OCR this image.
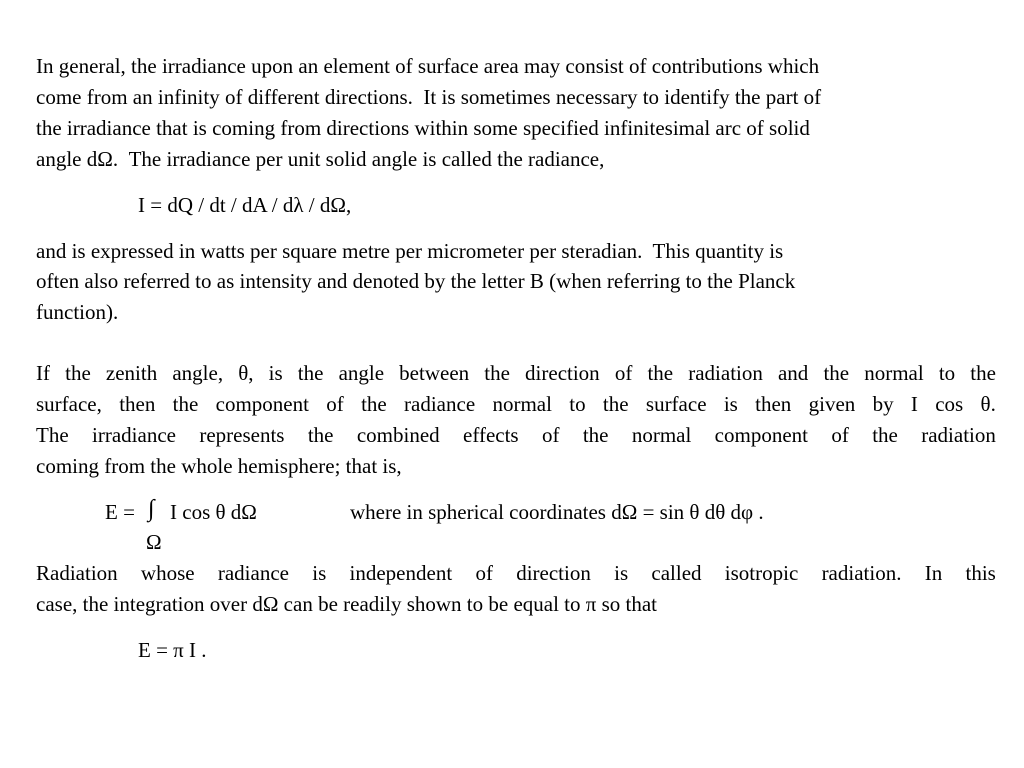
In general, the irradiance upon an element of surface area may consist of contributions which
come from an infinity of different directions.  It is sometimes necessary to identify the part of
the irradiance that is coming from directions within some specified infinitesimal arc of solid
angle dΩ.  The irradiance per unit solid angle is called the radiance,
I = dQ / dt / dA / dλ / dΩ,
and is expressed in watts per square metre per micrometer per steradian.  This quantity is
often also referred to as intensity and denoted by the letter B (when referring to the Planck
function).
If the zenith angle, θ, is the angle between the direction of the radiation and the normal to the
surface, then the component of the radiance normal to the surface is then given by I cos θ.
The irradiance represents the combined effects of the normal component of the radiation
coming from the whole hemisphere; that is,
E = ∫ I cos θ dΩ
Ω
where in spherical coordinates dΩ = sin θ dθ dφ .
Radiation whose radiance is independent of direction is called isotropic radiation. In this
case, the integration over dΩ can be readily shown to be equal to π so that
E = π I .
